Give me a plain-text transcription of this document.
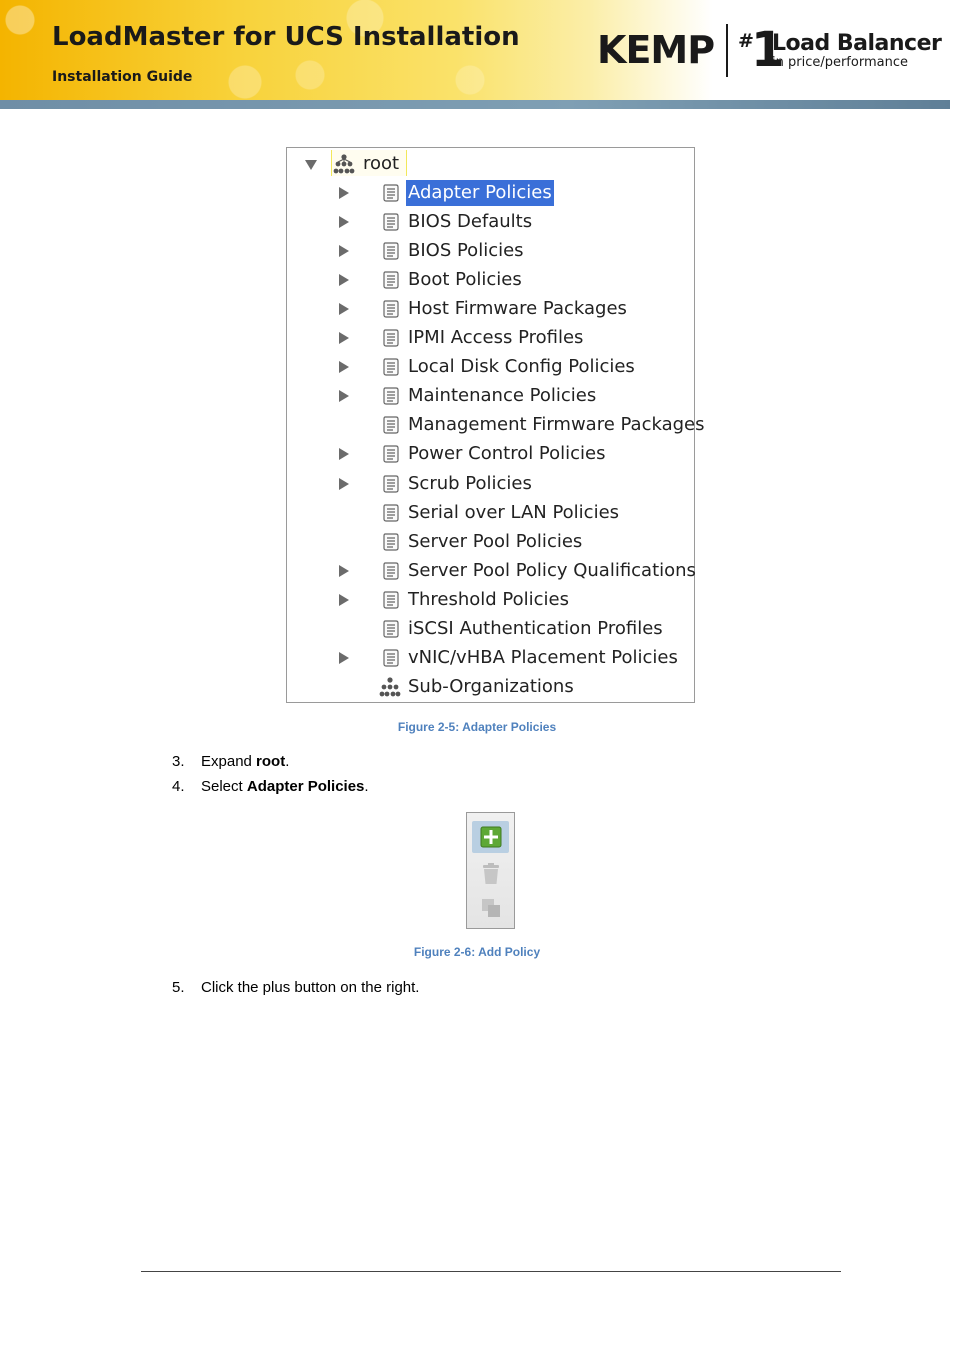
LoadMaster for UCS Installation
Installation Guide
KEMP #
1
Load Balancer
in price/performance
root
Adapter Policies
BIOS Defaults
BIOS Policies
Boot Policies
Host Firmware Packages
IPMI Access Profiles
Local Disk Config Policies
Maintenance Policies
Management Firmware Packages
Power Control Policies
Scrub Policies
Serial over LAN Policies
Server Pool Policies
Server Pool Policy Qualifications
Threshold Policies
iSCSI Authentication Profiles
vNIC/vHBA Placement Policies
Sub-Organizations
Figure 2-5: Adapter Policies
3. Expand root.
4. Select Adapter Policies.
Figure 2-6: Add Policy
5. Click the plus button on the right.
